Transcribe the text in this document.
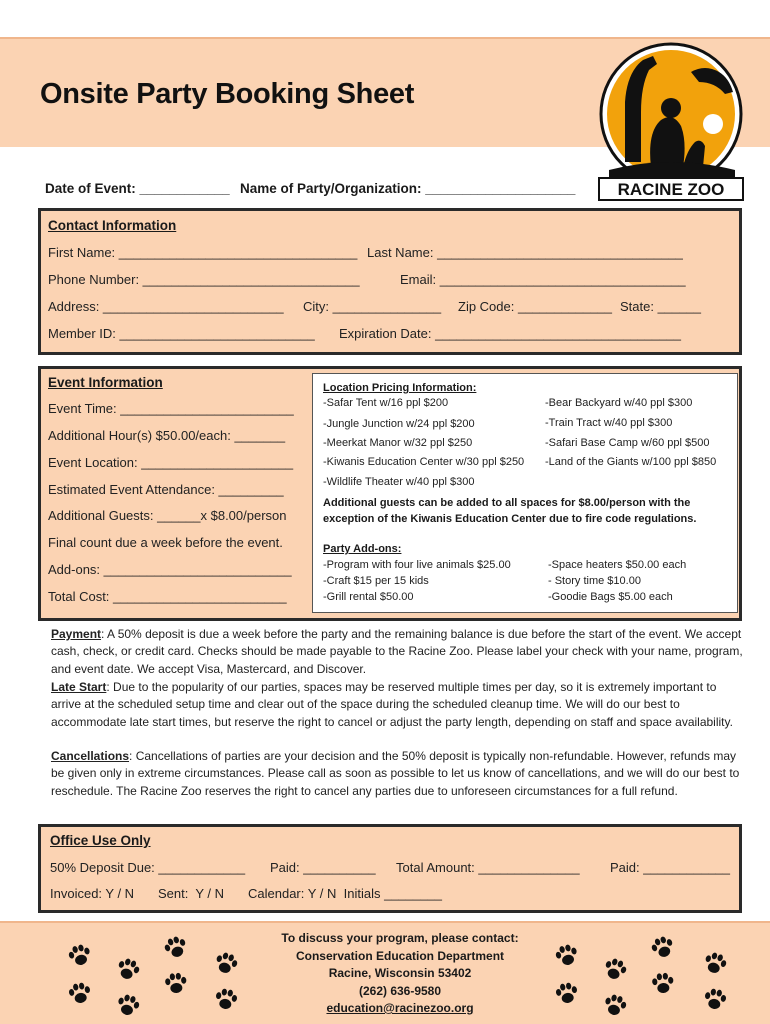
Onsite Party Booking Sheet
RACINE ZOO
Date of Event: ____________ Name of Party/Organization: ____________________
Contact Information
First Name: _________________________________ Last Name: __________________________________
Phone Number: ______________________________	Email: __________________________________
Address: _________________________ City: _______________ Zip Code: _____________ State: ______
Member ID: ___________________________ Expiration Date: __________________________________
Event Information
Event Time: ________________________
Additional Hour(s) $50.00/each: _______
Event Location: _____________________
Estimated Event Attendance: _________
Additional Guests: ______x $8.00/person
Final count due a week before the event.
Add-ons: __________________________
Total Cost: ________________________
Location Pricing Information:
-Safar Tent w/16 ppl $200
-Jungle Junction w/24 ppl $200
-Meerkat Manor w/32 ppl $250
-Kiwanis Education Center w/30 ppl $250
-Wildlife Theater w/40 ppl $300
-Bear Backyard w/40 ppl $300
-Train Tract w/40 ppl $300
-Safari Base Camp w/60 ppl $500
-Land of the Giants w/100 ppl $850
Additional guests can be added to all spaces for $8.00/person with the
exception of the Kiwanis Education Center due to fire code regulations.
Party Add-ons:
-Program with four live animals $25.00
-Craft $15 per 15 kids
-Grill rental $50.00
-Space heaters $50.00 each
- Story time $10.00
-Goodie Bags $5.00 each
Payment: A 50% deposit is due a week before the party and the remaining balance is due before the start of the event. We accept cash, check, or credit card. Checks should be made payable to the Racine Zoo. Please label your check with your name, program, and event date. We accept Visa, Mastercard, and Discover.
Late Start: Due to the popularity of our parties, spaces may be reserved multiple times per day, so it is extremely important to arrive at the scheduled setup time and clear out of the space during the scheduled cleanup time. We will do our best to accommodate late start times, but reserve the right to cancel or adjust the party length, depending on staff and space availability.
Cancellations: Cancellations of parties are your decision and the 50% deposit is typically non-refundable. However, refunds may be given only in extreme circumstances. Please call as soon as possible to let us know of cancellations, and we will do our best to reschedule. The Racine Zoo reserves the right to cancel any parties due to unforeseen circumstances for a full refund.
Office Use Only
50% Deposit Due: ____________ Paid: __________ Total Amount: ______________ Paid: ____________
Invoiced: Y / N Sent:  Y / N Calendar: Y / N  Initials ________
To discuss your program, please contact:
Conservation Education Department
Racine, Wisconsin 53402
(262) 636-9580
education@racinezoo.org
